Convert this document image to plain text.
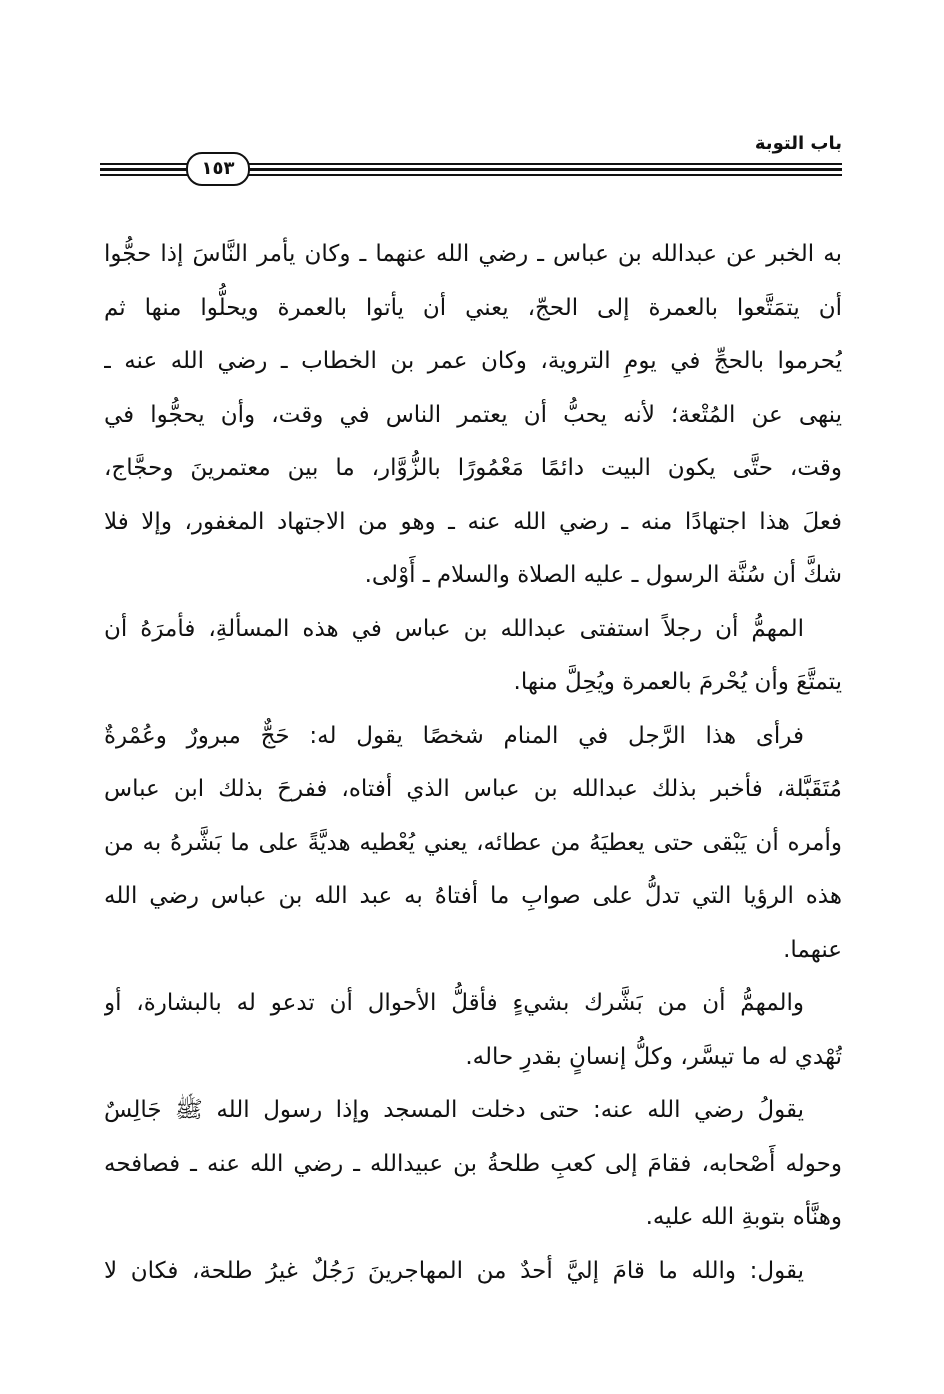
باب التوبة
١٥٣
به الخبر عن عبدالله بن عباس ـ رضي الله عنهما ـ وكان يأمر النَّاسَ إذا حجُّوا
أن يتمَتَّعوا بالعمرة إلى الحجّ، يعني أن يأتوا بالعمرة ويحلُّوا منها ثم
يُحرموا بالحجِّ في يومِ التروية، وكان عمر بن الخطاب ـ رضي الله عنه ـ
ينهى عن المُتْعة؛ لأنه يحبُّ أن يعتمر الناس في وقت، وأن يحجُّوا في
وقت، حتَّى يكون البيت دائمًا مَعْمُورًا بالزُّوَّار، ما بين معتمرينَ وحجَّاج،
فعلَ هذا اجتهادًا منه ـ رضي الله عنه ـ وهو من الاجتهاد المغفور، وإلا فلا
شكَّ أن سُنَّة الرسول ـ عليه الصلاة والسلام ـ أَوْلى.
المهمُّ أن رجلاً استفتى عبدالله بن عباس في هذه المسألةِ، فأمرَهُ أن
يتمتَّعَ وأن يُحْرمَ بالعمرة ويُحِلَّ منها.
فرأى هذا الرَّجل في المنام شخصًا يقول له: حَجٌّ مبرورٌ وعُمْرةٌ
مُتَقَبَّلة، فأخبر بذلك عبدالله بن عباس الذي أفتاه، ففرحَ بذلك ابن عباس
وأمره أن يَبْقى حتى يعطيَهُ من عطائه، يعني يُعْطيه هديَّةً على ما بَشَّرهُ به من
هذه الرؤيا التي تدلُّ على صوابِ ما أفتاهُ به عبد الله بن عباس رضي الله
عنهما.
والمهمُّ أن من بَشَّرك بشيءٍ فأقلُّ الأحوال أن تدعو له بالبشارة، أو
تُهْدي له ما تيسَّر، وكلُّ إنسانٍ بقدرِ حاله.
يقولُ رضي الله عنه: حتى دخلت المسجد وإذا رسول الله ﷺ جَالِسٌ
وحوله أَصْحابه، فقامَ إلى كعبِ طلحةُ بن عبيدالله ـ رضي الله عنه ـ فصافحه
وهنَّأه بتوبةِ الله عليه.
يقول: والله ما قامَ إليَّ أحدٌ من المهاجرينَ رَجُلٌ غيرُ طلحة، فكان لا
